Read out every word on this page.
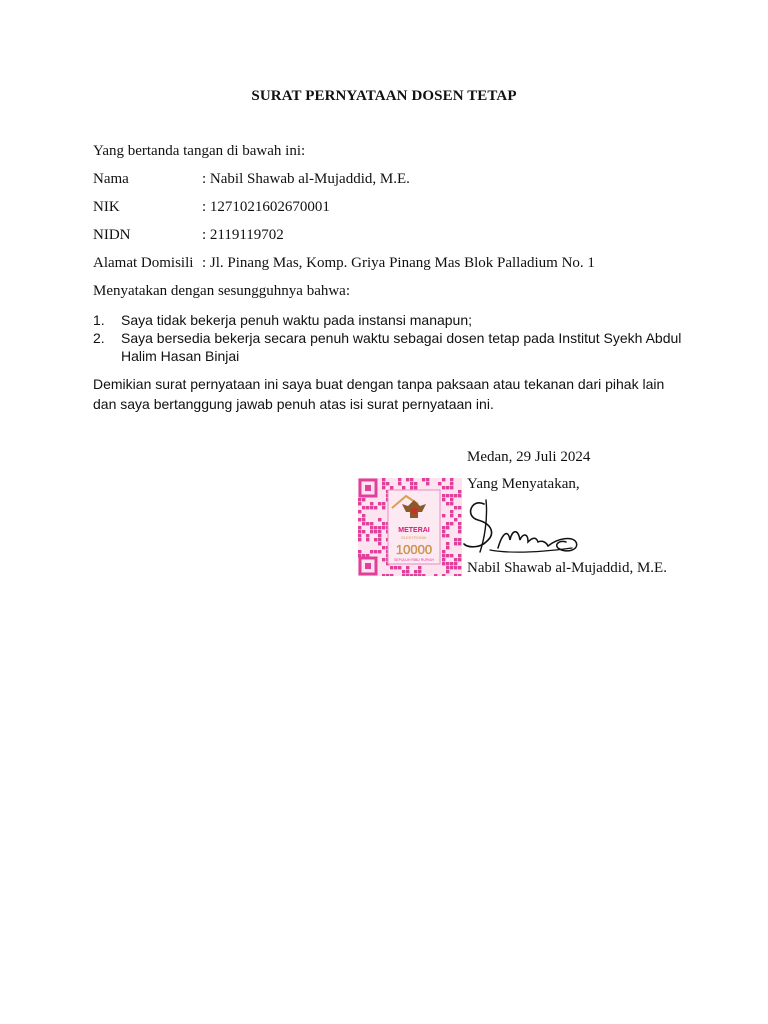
SURAT PERNYATAAN DOSEN TETAP
Yang bertanda tangan di bawah ini:
Nama	: Nabil Shawab al-Mujaddid, M.E.
NIK	: 1271021602670001
NIDN	: 2119119702
Alamat Domisili : Jl. Pinang Mas, Komp. Griya Pinang Mas Blok Palladium No. 1
Menyatakan dengan sesungguhnya bahwa:
1.	Saya tidak bekerja penuh waktu pada instansi manapun;
2.	Saya bersedia bekerja secara penuh waktu sebagai dosen tetap pada Institut Syekh Abdul Halim Hasan Binjai
Demikian surat pernyataan ini saya buat dengan tanpa paksaan atau tekanan dari pihak lain dan saya bertanggung jawab penuh atas isi surat pernyataan ini.
Medan, 29 Juli 2024
Yang Menyatakan,
METERAI
ELEKTRONIK
10000
SEPULUH RIBU RUPIAH Nabil Shawab al-Mujaddid, M.E.
